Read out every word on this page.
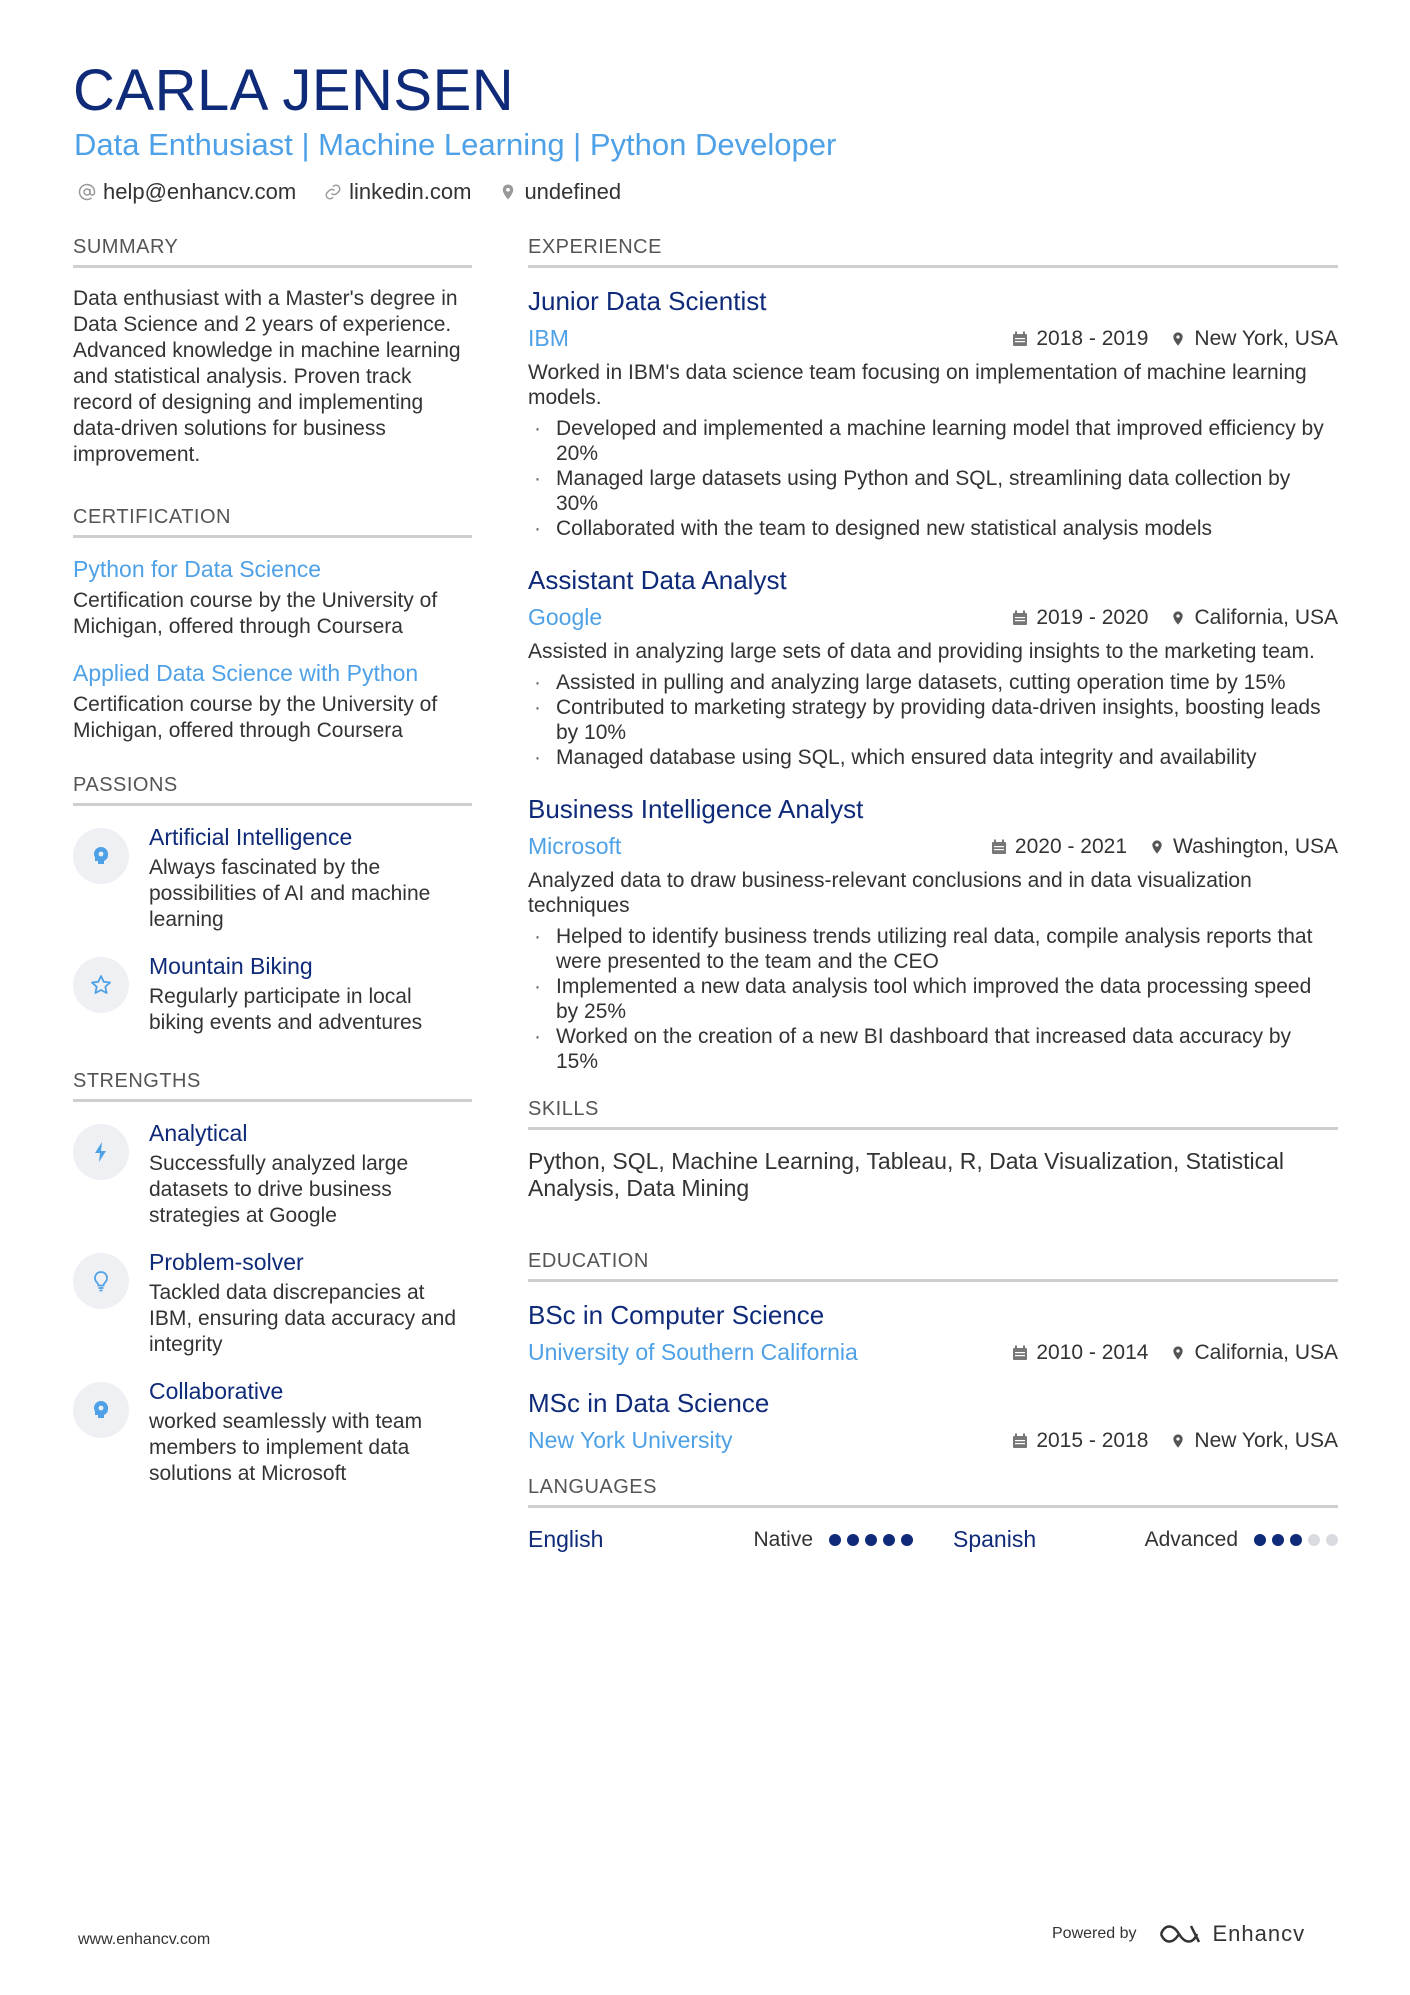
CARLA JENSEN
Data Enthusiast | Machine Learning | Python Developer
help@enhancv.com linkedin.com undefined
SUMMARY
Data enthusiast with a Master's degree in Data Science and 2 years of experience. Advanced knowledge in machine learning and statistical analysis. Proven track record of designing and implementing data-driven solutions for business improvement.
CERTIFICATION
Python for Data Science
Certification course by the University of Michigan, offered through Coursera
Applied Data Science with Python
Certification course by the University of Michigan, offered through Coursera
PASSIONS
Artificial Intelligence
Always fascinated by the possibilities of AI and machine learning
Mountain Biking
Regularly participate in local biking events and adventures
STRENGTHS
Analytical
Successfully analyzed large datasets to drive business strategies at Google
Problem-solver
Tackled data discrepancies at IBM, ensuring data accuracy and integrity
Collaborative
worked seamlessly with team members to implement data solutions at Microsoft
EXPERIENCE
Junior Data Scientist
IBM	2018 - 2019 New York, USA
Worked in IBM's data science team focusing on implementation of machine learning models.
· Developed and implemented a machine learning model that improved efficiency by 20%
· Managed large datasets using Python and SQL, streamlining data collection by 30%
· Collaborated with the team to designed new statistical analysis models
Assistant Data Analyst
Google	2019 - 2020 California, USA
Assisted in analyzing large sets of data and providing insights to the marketing team.
· Assisted in pulling and analyzing large datasets, cutting operation time by 15%
· Contributed to marketing strategy by providing data-driven insights, boosting leads by 10%
· Managed database using SQL, which ensured data integrity and availability
Business Intelligence Analyst
Microsoft	2020 - 2021 Washington, USA
Analyzed data to draw business-relevant conclusions and in data visualization techniques
· Helped to identify business trends utilizing real data, compile analysis reports that were presented to the team and the CEO
· Implemented a new data analysis tool which improved the data processing speed by 25%
· Worked on the creation of a new BI dashboard that increased data accuracy by 15%
SKILLS
Python, SQL, Machine Learning, Tableau, R, Data Visualization, Statistical Analysis, Data Mining
EDUCATION
BSc in Computer Science
University of Southern California	2010 - 2014 California, USA
MSc in Data Science
New York University	2015 - 2018 New York, USA
LANGUAGES
English	Native	Spanish	Advanced
www.enhancv.com	Powered by	Enhancv
